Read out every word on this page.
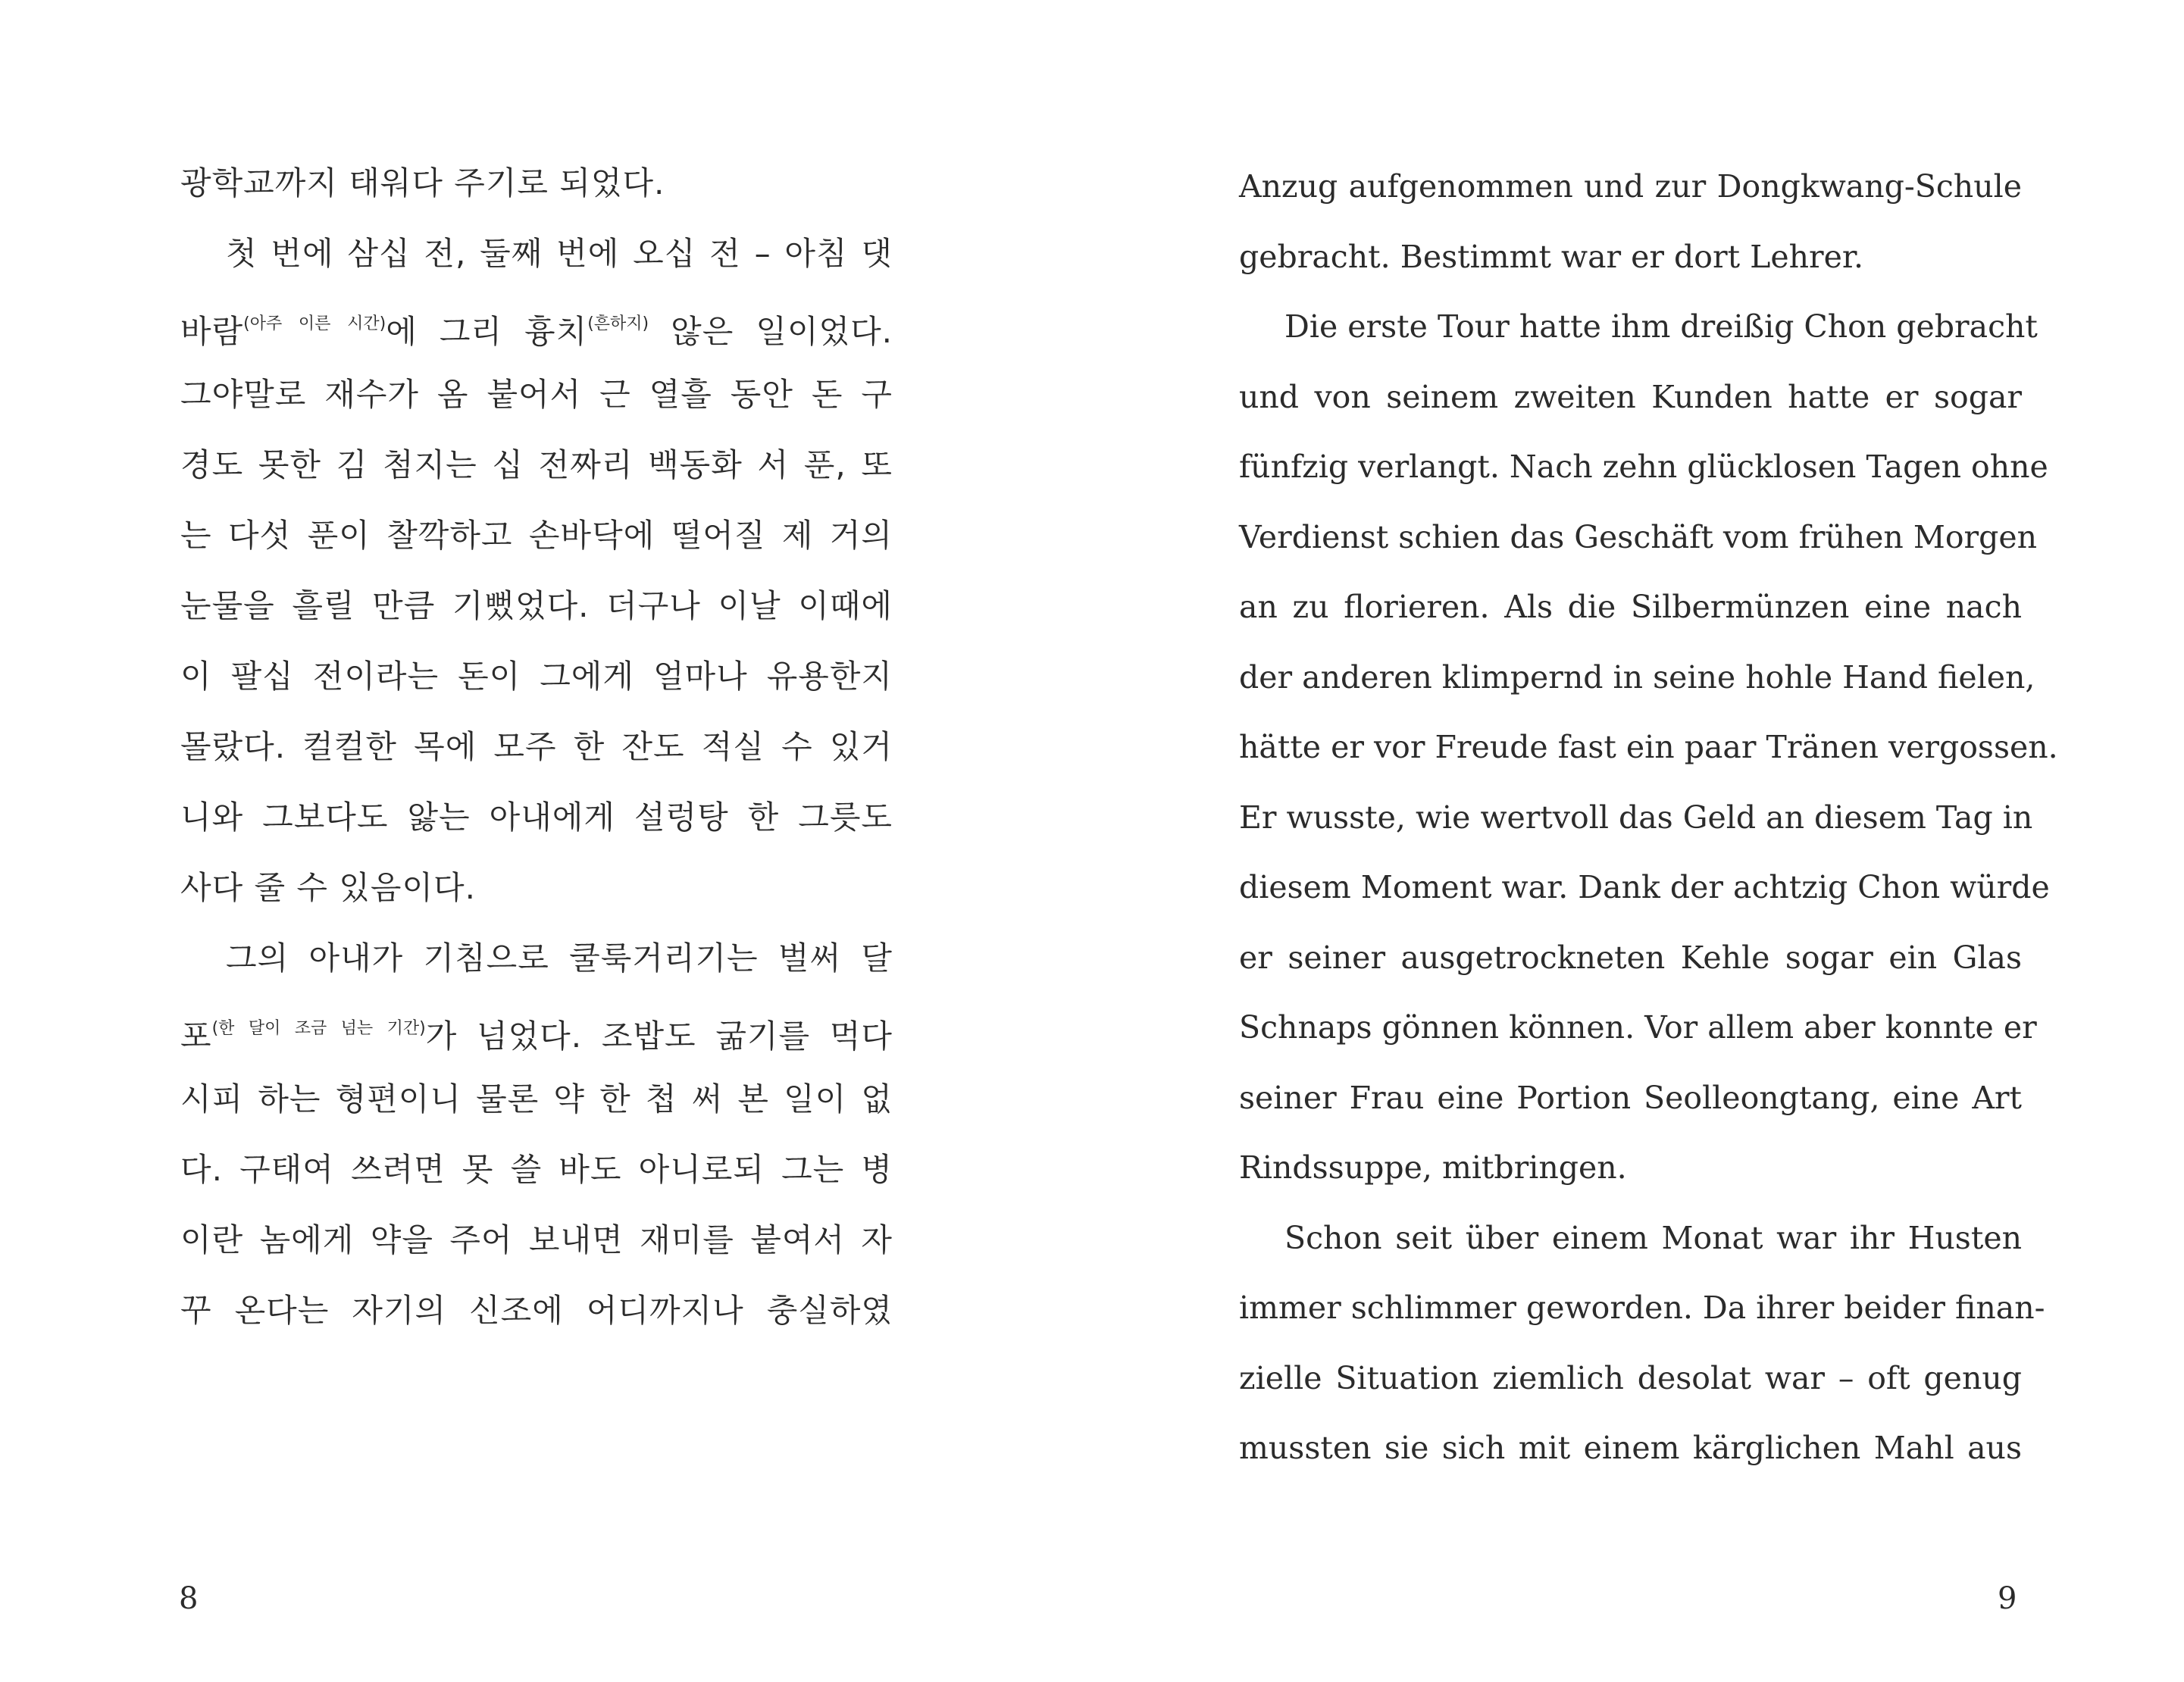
광학교까지 태워다 주기로 되었다.
첫 번에 삼십 전, 둘째 번에 오십 전 – 아침 댓
바람$^{(아주 이른 시간)}$에 그리 흉치$^{(흔하지)}$ 않은 일이었다.
그야말로 재수가 옴 붙어서 근 열흘 동안 돈 구
경도 못한 김 첨지는 십 전짜리 백동화 서 푼, 또
는 다섯 푼이 찰깍하고 손바닥에 떨어질 제 거의
눈물을 흘릴 만큼 기뻤었다. 더구나 이날 이때에
이 팔십 전이라는 돈이 그에게 얼마나 유용한지
몰랐다. 컬컬한 목에 모주 한 잔도 적실 수 있거
니와 그보다도 앓는 아내에게 설렁탕 한 그릇도
사다 줄 수 있음이다.
그의 아내가 기침으로 쿨룩거리기는 벌써 달
포$^{(한 달이 조금 넘는 기간)}$가 넘었다. 조밥도 굶기를 먹다
시피 하는 형편이니 물론 약 한 첩 써 본 일이 없
다. 구태여 쓰려면 못 쓸 바도 아니로되 그는 병
이란 놈에게 약을 주어 보내면 재미를 붙여서 자
꾸 온다는 자기의 신조에 어디까지나 충실하였
8
Anzug aufgenommen und zur Dongkwang-Schule
gebracht. Bestimmt war er dort Lehrer.
Die erste Tour hatte ihm dreißig Chon gebracht
und von seinem zweiten Kunden hatte er sogar
fünfzig verlangt. Nach zehn glücklosen Tagen ohne
Verdienst schien das Geschäft vom frühen Morgen
an zu florieren. Als die Silbermünzen eine nach
der anderen klimpernd in seine hohle Hand fielen,
hätte er vor Freude fast ein paar Tränen vergossen.
Er wusste, wie wertvoll das Geld an diesem Tag in
diesem Moment war. Dank der achtzig Chon würde
er seiner ausgetrockneten Kehle sogar ein Glas
Schnaps gönnen können. Vor allem aber konnte er
seiner Frau eine Portion Seolleongtang, eine Art
Rindssuppe, mitbringen.
Schon seit über einem Monat war ihr Husten
immer schlimmer geworden. Da ihrer beider finan-
zielle Situation ziemlich desolat war – oft genug
mussten sie sich mit einem kärglichen Mahl aus
9
